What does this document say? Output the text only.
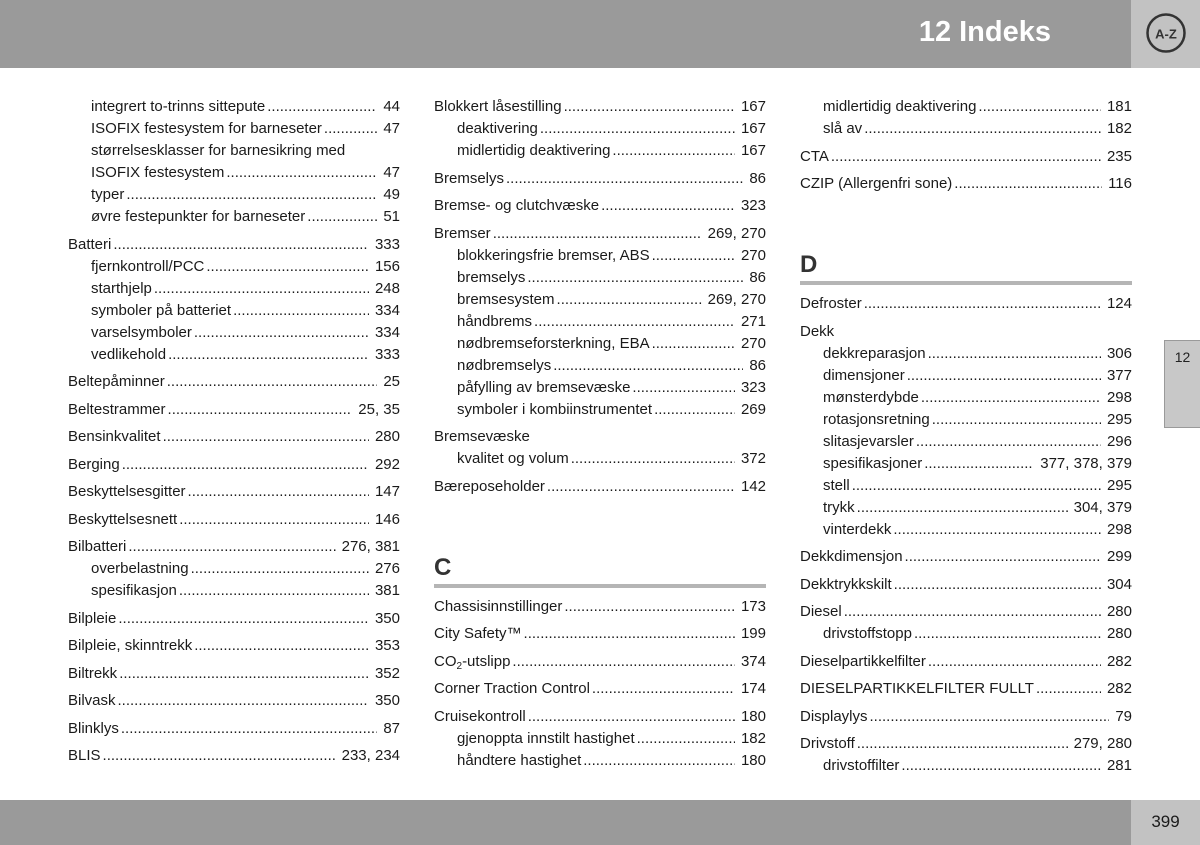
12 Indeks	A-Z
12
integrert to-trinns sittepute .....	44
ISOFIX festesystem for barneseter .....	47
størrelsesklasser for barnesikring med
ISOFIX festesystem .....	47
typer .....	49
øvre festepunkter for barneseter .....	51
Batteri .....	333
fjernkontroll/PCC .....	156
starthjelp .....	248
symboler på batteriet .....	334
varselsymboler .....	334
vedlikehold .....	333
Beltepåminner .....	25
Beltestrammer .....	25, 35
Bensinkvalitet .....	280
Berging .....	292
Beskyttelsesgitter .....	147
Beskyttelsesnett .....	146
Bilbatteri .....	276, 381
overbelastning .....	276
spesifikasjon .....	381
Bilpleie .....	350
Bilpleie, skinntrekk .....	353
Biltrekk .....	352
Bilvask .....	350
Blinklys .....	87
BLIS .....	233, 234
Blokkert låsestilling .....	167
deaktivering .....	167
midlertidig deaktivering .....	167
Bremselys .....	86
Bremse- og clutchvæske .....	323
Bremser .....	269, 270
blokkeringsfrie bremser, ABS .....	270
bremselys .....	86
bremsesystem .....	269, 270
håndbrems .....	271
nødbremseforsterkning, EBA .....	270
nødbremselys .....	86
påfylling av bremsevæske .....	323
symboler i kombiinstrumentet .....	269
Bremsevæske
kvalitet og volum .....	372
Bæreposeholder .....	142
C
Chassisinnstillinger .....	173
City Safety™ .....	199
$CO_2$-utslipp .....	374
Corner Traction Control .....	174
Cruisekontroll .....	180
gjenoppta innstilt hastighet .....	182
håndtere hastighet .....	180
midlertidig deaktivering .....	181
slå av .....	182
CTA .....	235
CZIP (Allergenfri sone) .....	116
D
Defroster .....	124
Dekk
dekkreparasjon .....	306
dimensjoner .....	377
mønsterdybde .....	298
rotasjonsretning .....	295
slitasjevarsler .....	296
spesifikasjoner .....	377, 378, 379
stell .....	295
trykk .....	304, 379
vinterdekk .....	298
Dekkdimensjon .....	299
Dekktrykkskilt .....	304
Diesel .....	280
drivstoffstopp .....	280
Dieselpartikkelfilter .....	282
DIESELPARTIKKELFILTER FULLT .....	282
Displaylys .....	79
Drivstoff .....	279, 280
drivstoffilter .....	281
399
